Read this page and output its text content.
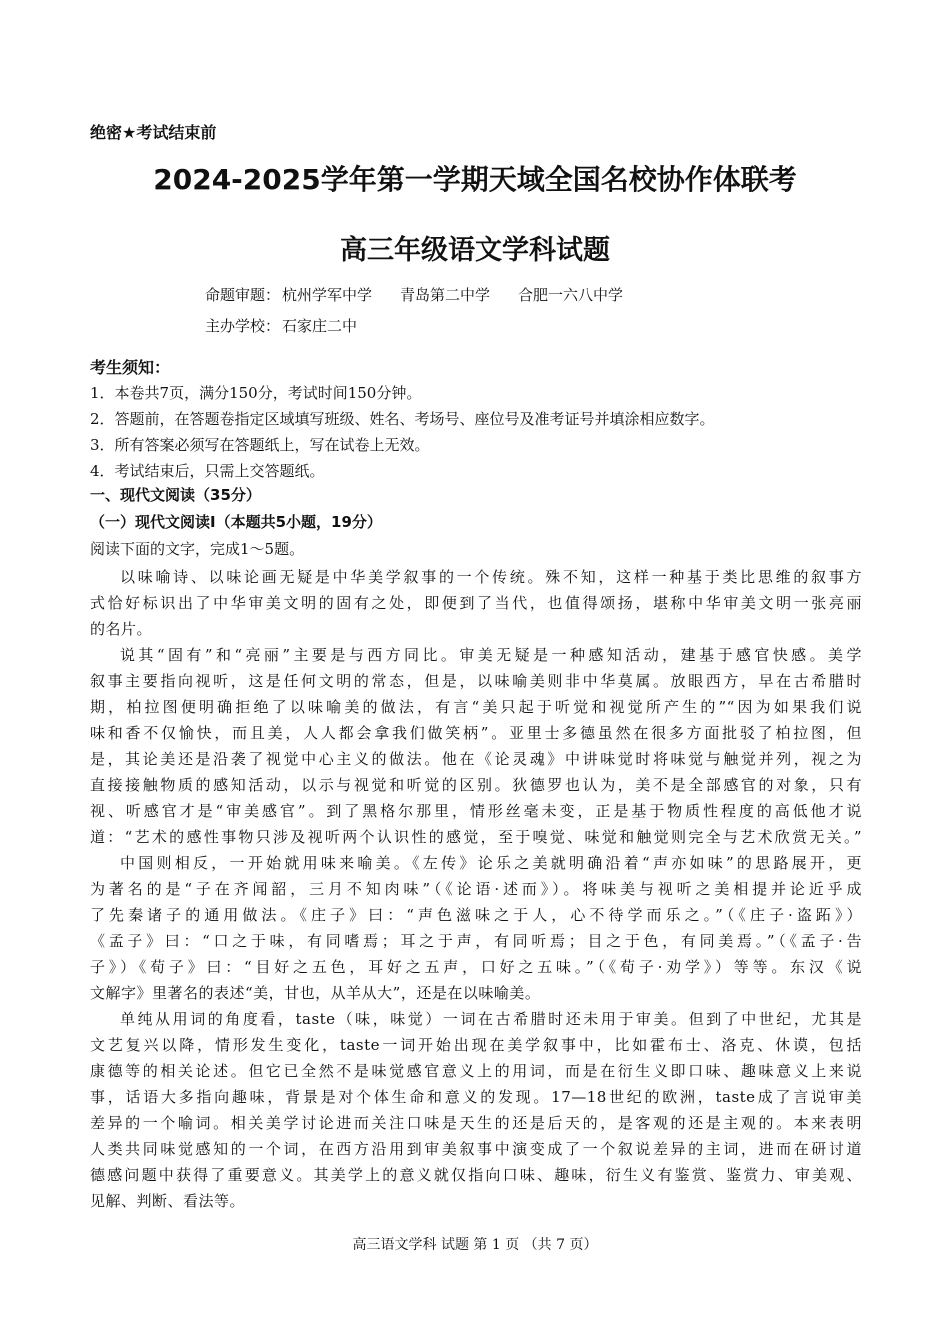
绝密★考试结束前
2024-2025学年第一学期天域全国名校协作体联考
高三年级语文学科试题
命题审题： 杭州学军中学 青岛第二中学 合肥一六八中学
主办学校： 石家庄二中
考生须知：
1．本卷共7页，满分150分，考试时间150分钟。
2．答题前，在答题卷指定区域填写班级、姓名、考场号、座位号及准考证号并填涂相应数字。
3．所有答案必须写在答题纸上，写在试卷上无效。
4．考试结束后，只需上交答题纸。
一、现代文阅读（35分）
（一）现代文阅读Ⅰ（本题共5小题，19分）
阅读下面的文字，完成1～5题。
以味喻诗、以味论画无疑是中华美学叙事的一个传统。殊不知，这样一种基于类比思维的叙事方
式恰好标识出了中华审美文明的固有之处，即便到了当代，也值得颂扬，堪称中华审美文明一张亮丽
的名片。
说其“固有”和“亮丽”主要是与西方同比。审美无疑是一种感知活动，建基于感官快感。美学
叙事主要指向视听，这是任何文明的常态，但是，以味喻美则非中华莫属。放眼西方，早在古希腊时
期，柏拉图便明确拒绝了以味喻美的做法，有言“美只起于听觉和视觉所产生的”“因为如果我们说
味和香不仅愉快，而且美，人人都会拿我们做笑柄”。亚里士多德虽然在很多方面批驳了柏拉图，但
是，其论美还是沿袭了视觉中心主义的做法。他在《论灵魂》中讲味觉时将味觉与触觉并列，视之为
直接接触物质的感知活动，以示与视觉和听觉的区别。狄德罗也认为，美不是全部感官的对象，只有
视、听感官才是“审美感官”。到了黑格尔那里，情形丝毫未变，正是基于物质性程度的高低他才说
道：“艺术的感性事物只涉及视听两个认识性的感觉，至于嗅觉、味觉和触觉则完全与艺术欣赏无关。”
中国则相反，一开始就用味来喻美。《左传》论乐之美就明确沿着“声亦如味”的思路展开，更
为著名的是“子在齐闻韶，三月不知肉味”（《论语·述而》）。将味美与视听之美相提并论近乎成
了先秦诸子的通用做法。《庄子》曰：“声色滋味之于人，心不待学而乐之。”（《庄子·盗跖》）
《孟子》曰：“口之于味，有同嗜焉；耳之于声，有同听焉；目之于色，有同美焉。”（《孟子·告
子》）《荀子》曰：“目好之五色，耳好之五声，口好之五味。”（《荀子·劝学》）等等。东汉《说
文解字》里著名的表述“美，甘也，从羊从大”，还是在以味喻美。
单纯从用词的角度看，taste（味，味觉）一词在古希腊时还未用于审美。但到了中世纪，尤其是
文艺复兴以降，情形发生变化，taste一词开始出现在美学叙事中，比如霍布士、洛克、休谟，包括
康德等的相关论述。但它已全然不是味觉感官意义上的用词，而是在衍生义即口味、趣味意义上来说
事，话语大多指向趣味，背景是对个体生命和意义的发现。17—18世纪的欧洲，taste成了言说审美
差异的一个喻词。相关美学讨论进而关注口味是天生的还是后天的，是客观的还是主观的。本来表明
人类共同味觉感知的一个词，在西方沿用到审美叙事中演变成了一个叙说差异的主词，进而在研讨道
德感问题中获得了重要意义。其美学上的意义就仅指向口味、趣味，衍生义有鉴赏、鉴赏力、审美观、
见解、判断、看法等。
高三语文学科 试题 第 1 页 （共 7 页）
